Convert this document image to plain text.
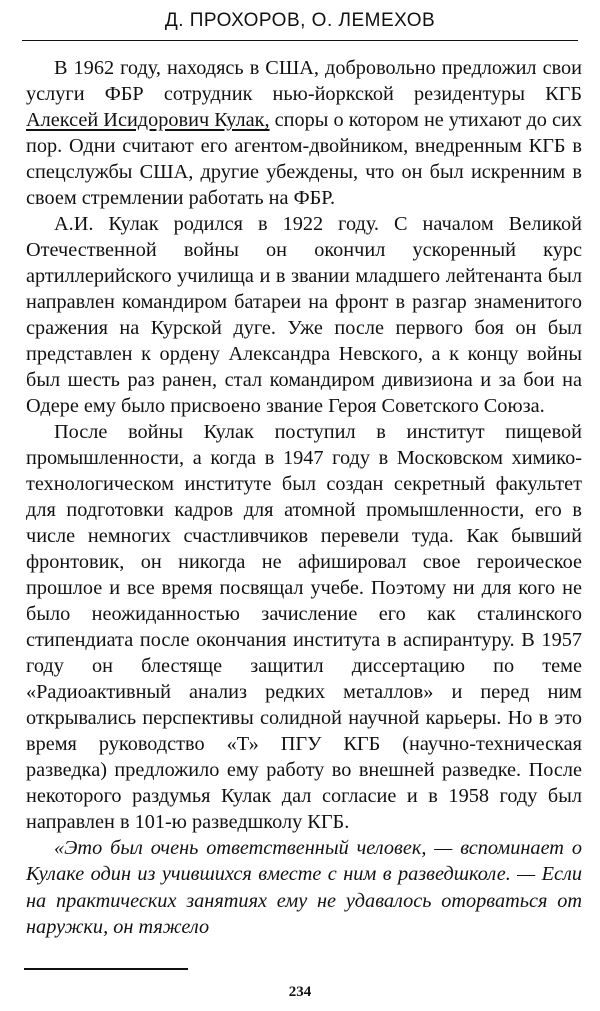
Д. ПРОХОРОВ, О. ЛЕМЕХОВ

В 1962 году, находясь в США, добровольно предложил свои услуги ФБР сотрудник нью-йоркской резидентуры КГБ Алексей Исидорович Кулак, споры о котором не утихают до сих пор. Одни считают его агентом-двойником, внедренным КГБ в спецслужбы США, другие убеждены, что он был искренним в своем стремлении работать на ФБР.

А.И. Кулак родился в 1922 году. С началом Великой Отечественной войны он окончил ускоренный курс артиллерийского училища и в звании младшего лейтенанта был направлен командиром батареи на фронт в разгар знаменитого сражения на Курской дуге. Уже после первого боя он был представлен к ордену Александра Невского, а к концу войны был шесть раз ранен, стал командиром дивизиона и за бои на Одере ему было присвоено звание Героя Советского Союза.

После войны Кулак поступил в институт пищевой промышленности, а когда в 1947 году в Московском химико-технологическом институте был создан секретный факультет для подготовки кадров для атомной промышленности, его в числе немногих счастливчиков перевели туда. Как бывший фронтовик, он никогда не афишировал свое героическое прошлое и все время посвящал учебе. Поэтому ни для кого не было неожиданностью зачисление его как сталинского стипендиата после окончания института в аспирантуру. В 1957 году он блестяще защитил диссертацию по теме «Радиоактивный анализ редких металлов» и перед ним открывались перспективы солидной научной карьеры. Но в это время руководство «Т» ПГУ КГБ (научно-техническая разведка) предложило ему работу во внешней разведке. После некоторого раздумья Кулак дал согласие и в 1958 году был направлен в 101-ю разведшколу КГБ.

«Это был очень ответственный человек, — вспоминает о Кулаке один из учившихся вместе с ним в разведшколе. — Если на практических занятиях ему не удавалось оторваться от наружки, он тяжело

234
